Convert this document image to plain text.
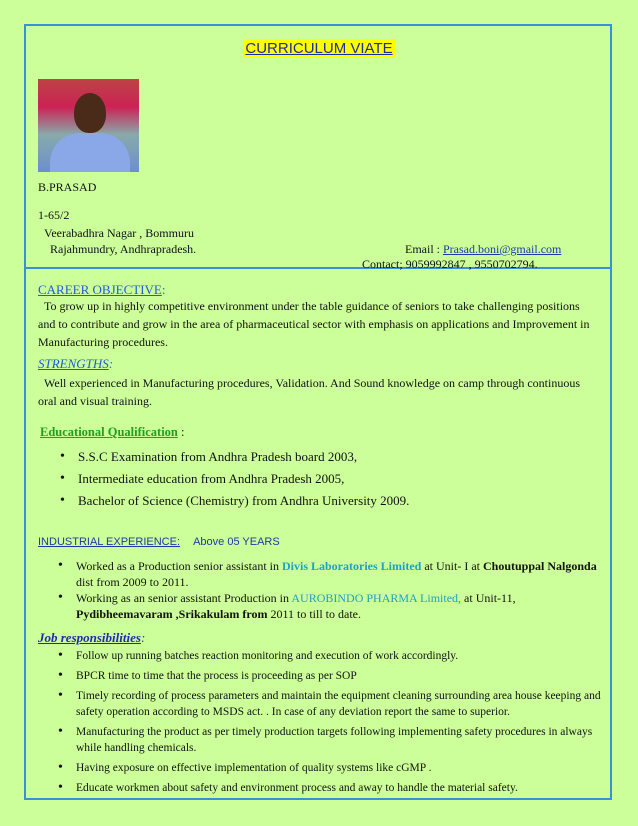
CURRICULUM VIATE
B.PRASAD
1-65/2
Veerabadhra Nagar , Bommuru
Rajahmundry, Andhrapradesh.	Email : Prasad.boni@gmail.com
Contact; 9059992847 , 9550702794.
CAREER OBJECTIVE:
To grow up in highly competitive environment under the table guidance of seniors to take challenging positions and to contribute and grow in the area of pharmaceutical sector with emphasis on applications and Improvement in Manufacturing procedures.
STRENGTHS:
Well experienced in Manufacturing procedures, Validation. And Sound knowledge on camp through continuous oral and visual training.
Educational Qualification :
• S.S.C Examination from Andhra Pradesh board 2003,
• Intermediate education from Andhra Pradesh 2005,
• Bachelor of Science (Chemistry) from Andhra University 2009.
INDUSTRIAL EXPERIENCE: Above 05 YEARS
• Worked as a Production senior assistant in Divis Laboratories Limited at Unit- I at Choutuppal Nalgonda
dist from 2009 to 2011.
• Working as an senior assistant Production in AUROBINDO PHARMA Limited, at Unit-11,
Pydibheemavaram ,Srikakulam from 2011 to till to date.
Job responsibilities:
• Follow up running batches reaction monitoring and execution of work accordingly.
• BPCR time to time that the process is proceeding as per SOP
• Timely recording of process parameters and maintain the equipment cleaning surrounding area house keeping and safety operation according to MSDS act. . In case of any deviation report the same to superior.
• Manufacturing the product as per timely production targets following implementing safety procedures in always while handling chemicals.
• Having exposure on effective implementation of quality systems like cGMP .
• Educate workmen about safety and environment process and away to handle the material safety.
